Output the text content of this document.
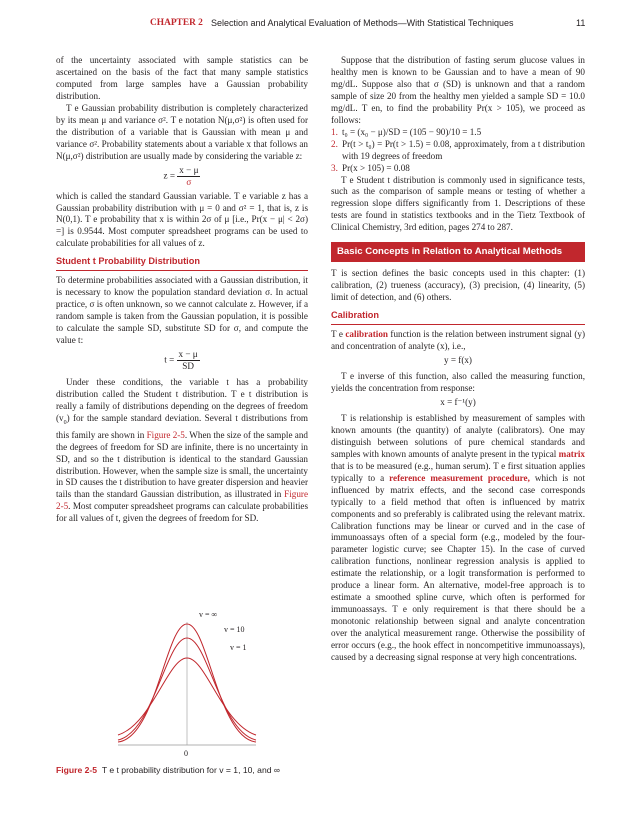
CHAPTER 2 Selection and Analytical Evaluation of Methods—With Statistical Techniques	11

of the uncertainty associated with sample statistics can be ascertained on the basis of the fact that many sample statistics computed from large samples have a Gaussian probability distribution.

T e Gaussian probability distribution is completely characterized by its mean μ and variance σ². T e notation N(μ,σ²) is often used for the distribution of a variable that is Gaussian with mean μ and variance σ². Probability statements about a variable x that follows an N(μ,σ²) distribution are usually made by considering the variable z:

$z = \frac{x - \mu}{\sigma}$

which is called the standard Gaussian variable. T e variable z has a Gaussian probability distribution with μ = 0 and σ² = 1, that is, z is N(0,1). T e probability that x is within 2σ of μ [i.e., Pr(x − μ| < 2σ) =] is 0.9544. Most computer spreadsheet programs can be used to calculate probabilities for all values of z.

Student t Probability Distribution

To determine probabilities associated with a Gaussian distribution, it is necessary to know the population standard deviation σ. In actual practice, σ is often unknown, so we cannot calculate z. However, if a random sample is taken from the Gaussian population, it is possible to calculate the sample SD, substitute SD for σ, and compute the value t:

$t = \frac{x - \mu}{SD}$

Under these conditions, the variable t has a probability distribution called the Student t distribution. T e t distribution is really a family of distributions depending on the degrees of freedom $(v_0)$ for the sample standard deviation. Several t distributions from this family are shown in Figure 2-5. When the size of the sample and the degrees of freedom for SD are infinite, there is no uncertainty in SD, and so the t distribution is identical to the standard Gaussian distribution. However, when the sample size is small, the uncertainty in SD causes the t distribution to have greater dispersion and heavier tails than the standard Gaussian distribution, as illustrated in Figure 2-5. Most computer spreadsheet programs can calculate probabilities for all values of t, given the degrees of freedom for SD.

v = ∞
v = 10
v = 1
0
Figure 2-5 T e t probability distribution for v = 1, 10, and ∞

Suppose that the distribution of fasting serum glucose values in healthy men is known to be Gaussian and to have a mean of 90 mg/dL. Suppose also that σ (SD) is unknown and that a random sample of size 20 from the healthy men yielded a sample SD = 10.0 mg/dL. T en, to find the probability Pr(x > 105), we proceed as follows:

1. t₀ = (x₀ − μ)/SD = (105 − 90)/10 = 1.5
2. Pr(t > t₀) = Pr(t > 1.5) = 0.08, approximately, from a t distribution with 19 degrees of freedom
3. Pr(x > 105) = 0.08

T e Student t distribution is commonly used in significance tests, such as the comparison of sample means or testing of whether a regression slope differs significantly from 1. Descriptions of these tests are found in statistics textbooks and in the Tietz Textbook of Clinical Chemistry, 3rd edition, pages 274 to 287.

Basic Concepts in Relation to Analytical Methods

T is section defines the basic concepts used in this chapter: (1) calibration, (2) trueness (accuracy), (3) precision, (4) linearity, (5) limit of detection, and (6) others.

Calibration

T e calibration function is the relation between instrument signal (y) and concentration of analyte (x), i.e.,

y = f(x)

T e inverse of this function, also called the measuring function, yields the concentration from response:

x = f⁻¹(y)

T is relationship is established by measurement of samples with known amounts (the quantity) of analyte (calibrators). One may distinguish between solutions of pure chemical standards and samples with known amounts of analyte present in the typical matrix that is to be measured (e.g., human serum). T e first situation applies typically to a reference measurement procedure, which is not influenced by matrix effects, and the second case corresponds typically to a field method that often is influenced by matrix components and so preferably is calibrated using the relevant matrix. Calibration functions may be linear or curved and in the case of immunoassays often of a special form (e.g., modeled by the four-parameter logistic curve; see Chapter 15). In the case of curved calibration functions, nonlinear regression analysis is applied to estimate the relationship, or a logit transformation is performed to produce a linear form. An alternative, model-free approach is to estimate a smoothed spline curve, which often is performed for immunoassays. T e only requirement is that there should be a monotonic relationship between signal and analyte concentration over the analytical measurement range. Otherwise the possibility of error occurs (e.g., the hook effect in noncompetitive immunoassays), caused by a decreasing signal response at very high concentrations.
